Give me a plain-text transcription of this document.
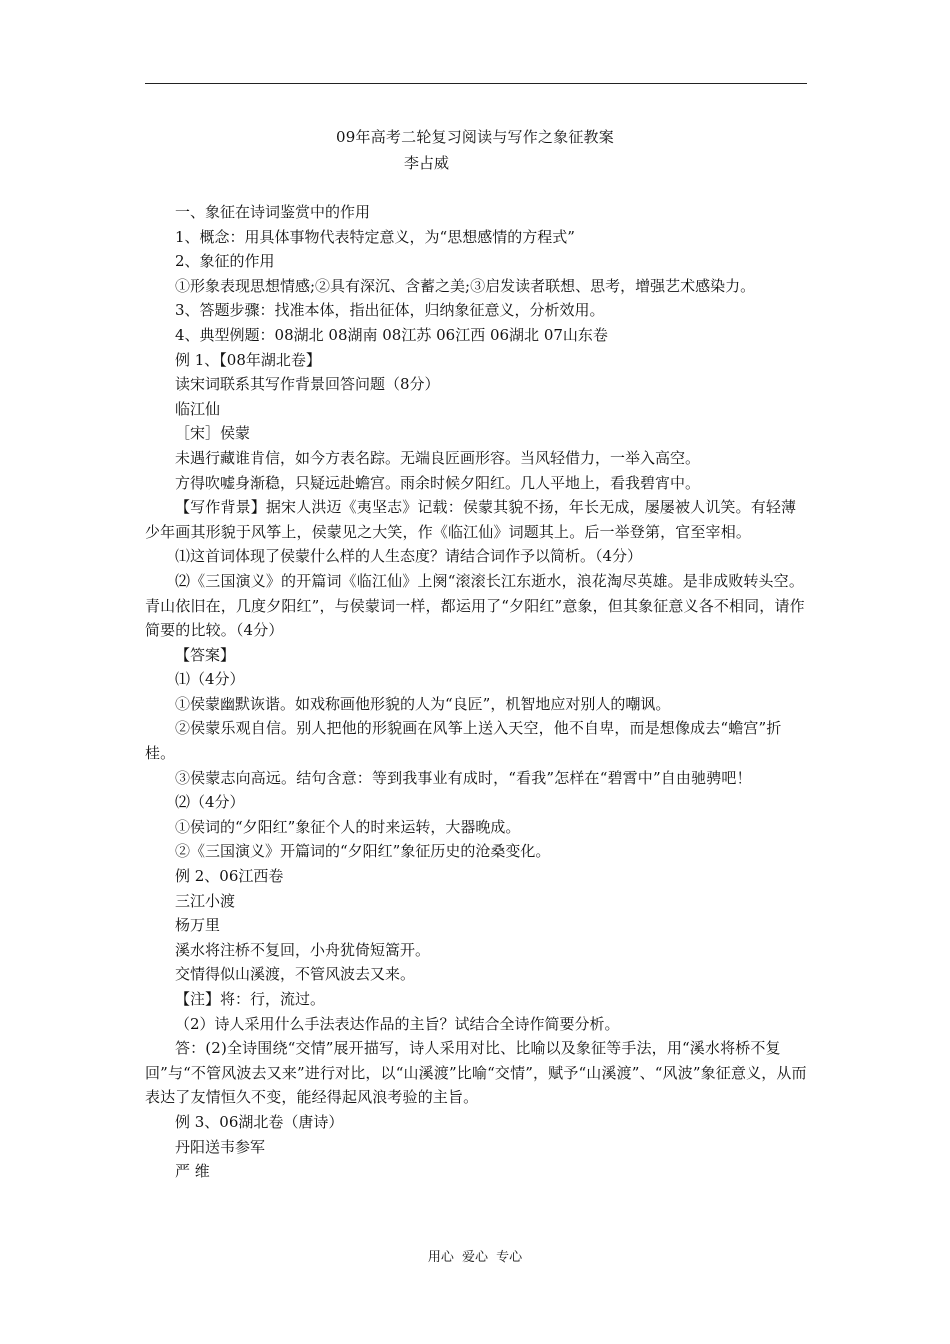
09年高考二轮复习阅读与写作之象征教案
李占威

一、象征在诗词鉴赏中的作用

1、概念：用具体事物代表特定意义，为“思想感情的方程式”

2、象征的作用

①形象表现思想情感;②具有深沉、含蓄之美;③启发读者联想、思考，增强艺术感染力。

3、答题步骤：找准本体，指出征体，归纳象征意义，分析效用。

4、典型例题：08湖北 08湖南 08江苏 06江西 06湖北 07山东卷

例 1、【08年湖北卷】

读宋词联系其写作背景回答问题（8分）

临江仙

［宋］侯蒙

未遇行藏谁肯信，如今方表名踪。无端良匠画形容。当风轻借力，一举入高空。

方得吹嘘身渐稳，只疑远赴蟾宫。雨余时候夕阳红。几人平地上，看我碧宵中。

【写作背景】据宋人洪迈《夷坚志》记载：侯蒙其貌不扬，年长无成，屡屡被人讥笑。有轻薄少年画其形貌于风筝上，侯蒙见之大笑，作《临江仙》词题其上。后一举登第，官至宰相。

⑴这首词体现了侯蒙什么样的人生态度？请结合词作予以简析。（4分）

⑵《三国演义》的开篇词《临江仙》上阕“滚滚长江东逝水，浪花淘尽英雄。是非成败转头空。青山依旧在，几度夕阳红”，与侯蒙词一样，都运用了“夕阳红”意象，但其象征意义各不相同，请作简要的比较。（4分）

【答案】

⑴（4分）

①侯蒙幽默诙谐。如戏称画他形貌的人为“良匠”，机智地应对别人的嘲讽。

②侯蒙乐观自信。别人把他的形貌画在风筝上送入天空，他不自卑，而是想像成去“蟾宫”折桂。

③侯蒙志向高远。结句含意：等到我事业有成时，“看我”怎样在“碧霄中”自由驰骋吧！

⑵（4分）

①侯词的“夕阳红”象征个人的时来运转，大器晚成。

②《三国演义》开篇词的“夕阳红”象征历史的沧桑变化。

例 2、06江西卷

三江小渡

杨万里

溪水将注桥不复回，小舟犹倚短篙开。

交情得似山溪渡，不管风波去又来。

【注】将：行，流过。

（2）诗人采用什么手法表达作品的主旨？试结合全诗作简要分析。

答：(2)全诗围绕“交情”展开描写，诗人采用对比、比喻以及象征等手法，用“溪水将桥不复回”与“不管风波去又来”进行对比，以“山溪渡”比喻“交情”，赋予“山溪渡”、“风波”象征意义，从而表达了友情恒久不变，能经得起风浪考验的主旨。

例 3、06湖北卷（唐诗）

丹阳送韦参军

严 维

用心 爱心 专心
